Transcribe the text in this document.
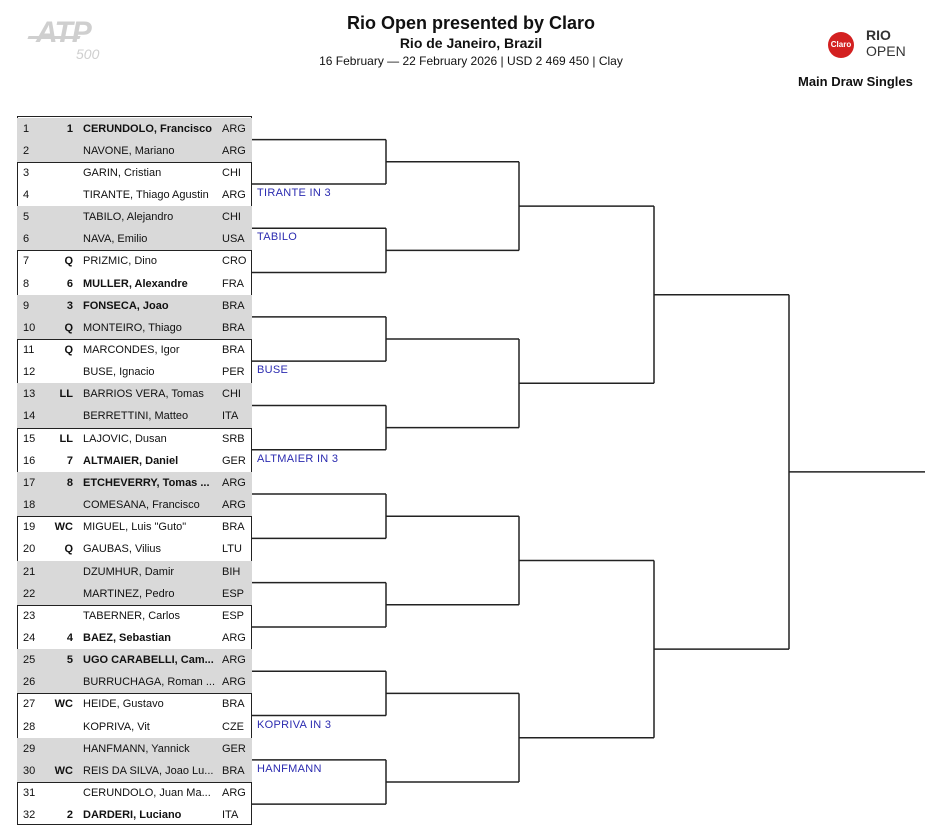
ATP
500
Rio Open presented by Claro
Rio de Janeiro, Brazil
16 February — 22 February 2026 | USD 2 469 450 | Clay
Claro
RIO
OPEN
Main Draw Singles
1	1 CERUNDOLO, Francisco ARG
2	NAVONE, Mariano	ARG
3	GARIN, Cristian	CHI
4	TIRANTE, Thiago Agustin	ARG
5	TABILO, Alejandro	CHI
6	NAVA, Emilio	USA
7	Q PRIZMIC, Dino	CRO
8	6 MULLER, Alexandre	FRA
9	3 FONSECA, Joao	BRA
10	Q MONTEIRO, Thiago	BRA
11	Q MARCONDES, Igor	BRA
12	BUSE, Ignacio	PER
13	LL BARRIOS VERA, Tomas	CHI
14	BERRETTINI, Matteo	ITA
15	LL LAJOVIC, Dusan	SRB
16	7 ALTMAIER, Daniel	GER
17	8 ETCHEVERRY, Tomas ...	ARG
18	COMESANA, Francisco	ARG
19	WC MIGUEL, Luis "Guto"	BRA
20	Q GAUBAS, Vilius	LTU
21	DZUMHUR, Damir	BIH
22	MARTINEZ, Pedro	ESP
23	TABERNER, Carlos	ESP
24	4 BAEZ, Sebastian	ARG
25	5 UGO CARABELLI, Cam... ARG
26	BURRUCHAGA, Roman ... ARG
27	WC HEIDE, Gustavo	BRA
28	KOPRIVA, Vit	CZE
29	HANFMANN, Yannick	GER
30	WC REIS DA SILVA, Joao Lu... BRA
31	CERUNDOLO, Juan Ma...	ARG
32	2 DARDERI, Luciano	ITA
TIRANTE IN 3
TABILO
BUSE
ALTMAIER IN 3
KOPRIVA IN 3
HANFMANN
